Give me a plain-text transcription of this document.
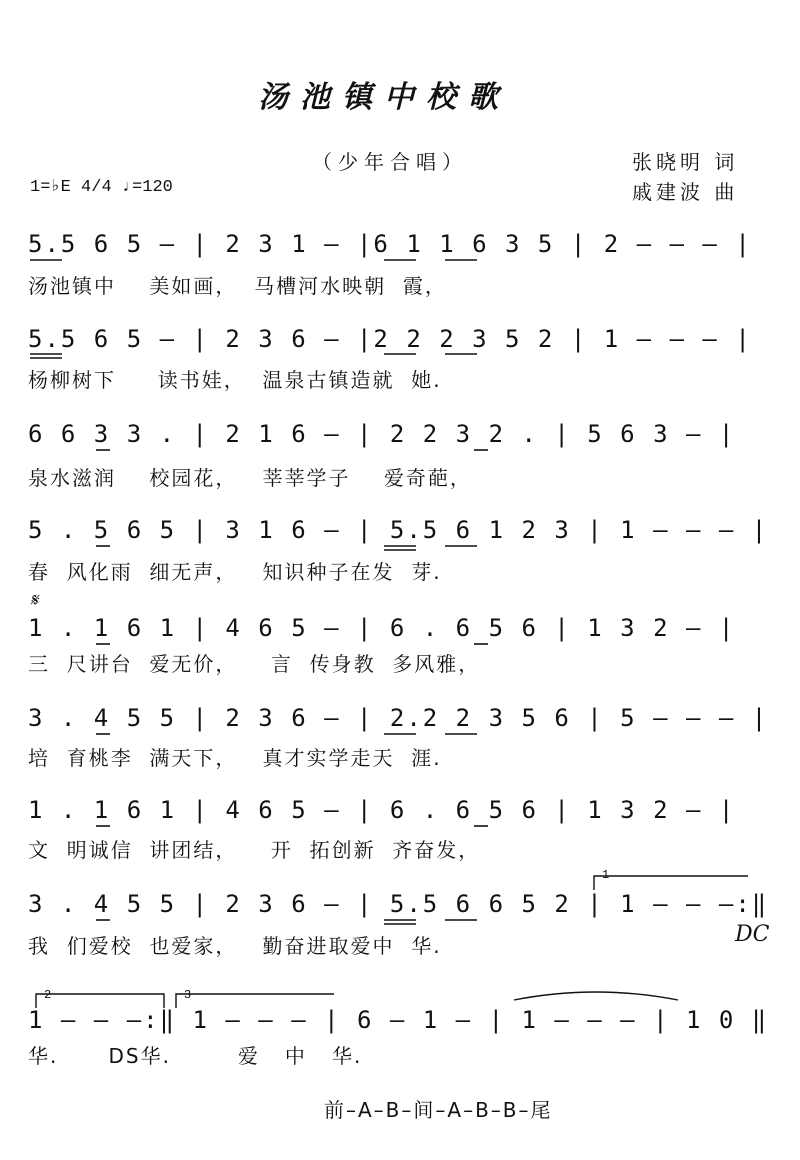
汤池镇中校歌
（少年合唱）	张晓明 词
戚建波 曲
1=♭E 4/4 ♩=120
5.5 6 5 – | 2 3 1 – |6 1 1 6 3 5 | 2 – – – |
汤池镇中    美如画，  马槽河水映朝  霞，
5.5 6 5 – | 2 3 6 – |2 2 2 3 5 2 | 1 – – – |
杨柳树下     读书娃，  温泉古镇造就  她.
6 6 3 3 . | 2 1 6 – | 2 2 3 2 . | 5 6 3 – |
泉水滋润    校园花，   莘莘学子    爱奇葩，
5 . 5 6 5 | 3 1 6 – | 5.5 6 1 2 3 | 1 – – – |
春  风化雨  细无声，   知识种子在发  芽.
𝄋
1 . 1 6 1 | 4 6 5 – | 6 . 6 5 6 | 1 3 2 – |
三  尺讲台  爱无价，    言  传身教  多风雅，
3 . 4 5 5 | 2 3 6 – | 2.2 2 3 5 6 | 5 – – – |
培  育桃李  满天下，   真才实学走天  涯.
1 . 1 6 1 | 4 6 5 – | 6 . 6 5 6 | 1 3 2 – |
文  明诚信  讲团结，    开  拓创新  齐奋发，
3 . 4 5 5 | 2 3 6 – | 5.5 6 6 5 2 | 1 – – –:‖
我  们爱校  也爱家，   勤奋进取爱中  华.	DC
1
2	3
1 – – –:‖ 1 – – – | 6 – 1 – | 1 – – – | 1 0 ‖
华.      DS华.        爱   中   华.
前–A–B–间–A–B–B–尾
